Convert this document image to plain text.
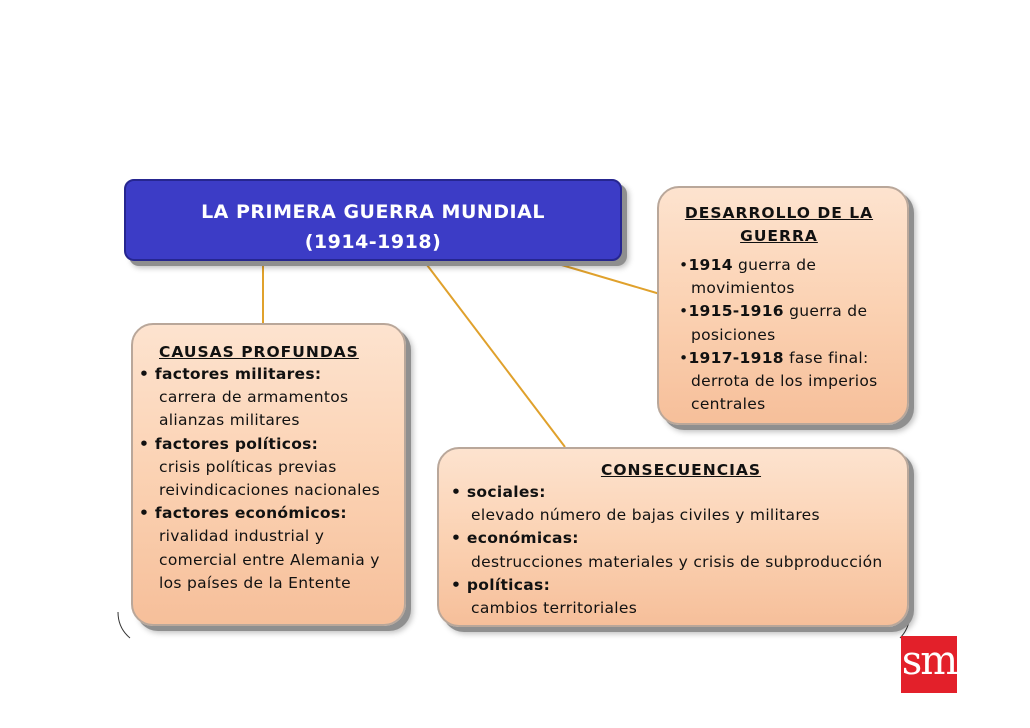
LA PRIMERA GUERRA MUNDIAL
(1914-1918)
CAUSAS PROFUNDAS
• factores militares:
carrera de armamentos
alianzas militares
• factores políticos:
crisis políticas previas
reivindicaciones nacionales
• factores económicos:
rivalidad industrial y
comercial entre Alemania y
los países de la Entente
DESARROLLO DE LA
GUERRA
•1914 guerra de
movimientos
•1915-1916 guerra de
posiciones
•1917-1918 fase final:
derrota de los imperios
centrales
CONSECUENCIAS
• sociales:
elevado número de bajas civiles y militares
• económicas:
destrucciones materiales y crisis de subproducción
• políticas:
cambios territoriales
sm
